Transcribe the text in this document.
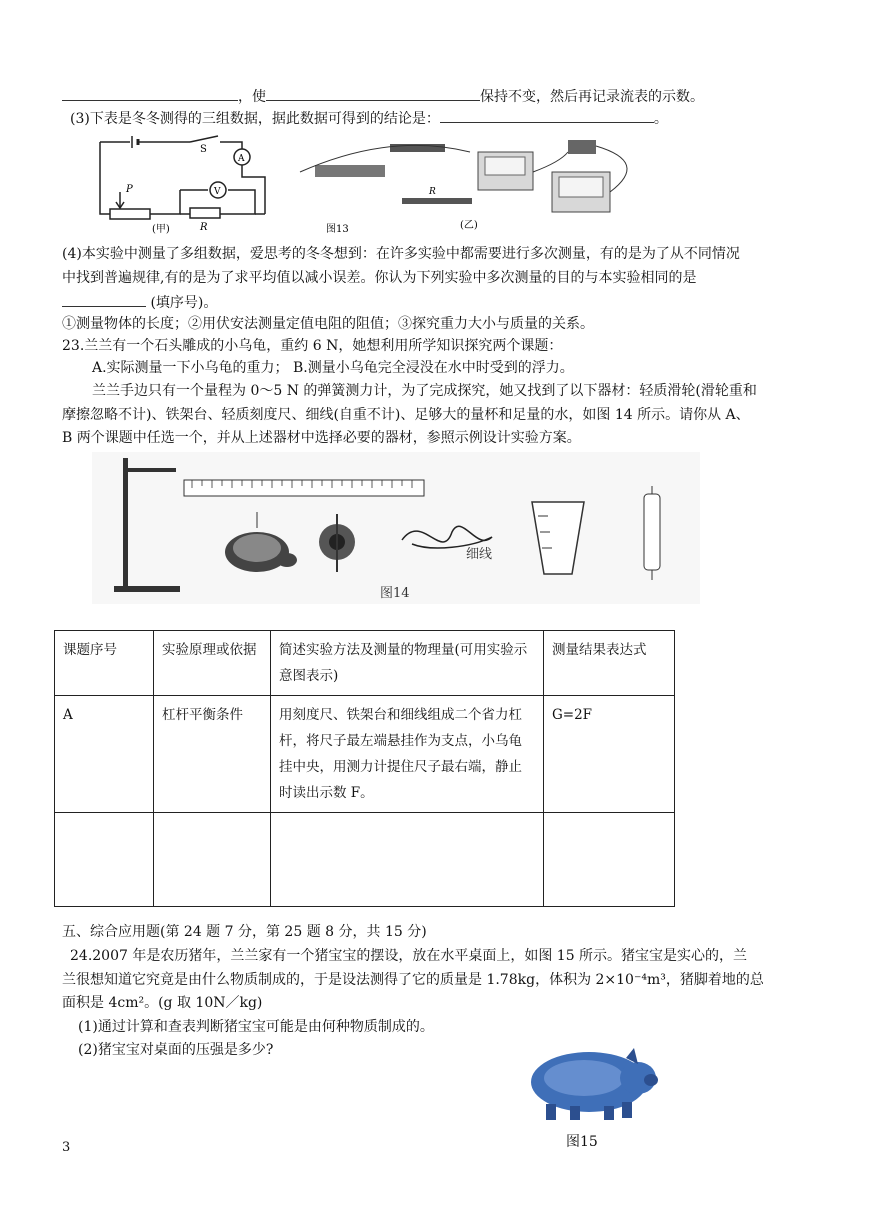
，使	保持不变，然后再记录流表的示数。
(3)下表是冬冬测得的三组数据，据此数据可得到的结论是：	。
S
A
V
P
R
(甲)
R
(乙)
图13
(4)本实验中测量了多组数据，爱思考的冬冬想到：在许多实验中都需要进行多次测量，有的是为了从不同情况
中找到普遍规律,有的是为了求平均值以减小误差。你认为下列实验中多次测量的目的与本实验相同的是
(填序号)。
①测量物体的长度；②用伏安法测量定值电阻的阻值；③探究重力大小与质量的关系。
23.兰兰有一个石头雕成的小乌龟，重约 6 N，她想利用所学知识探究两个课题：
A.实际测量一下小乌龟的重力； B.测量小乌龟完全浸没在水中时受到的浮力。
兰兰手边只有一个量程为 0～5 N 的弹簧测力计，为了完成探究，她又找到了以下器材：轻质滑轮(滑轮重和
摩擦忽略不计)、铁架台、轻质刻度尺、细线(自重不计)、足够大的量杯和足量的水，如图 14 所示。请你从 A、
B 两个课题中任选一个，并从上述器材中选择必要的器材，参照示例设计实验方案。
细线
图14
课题序号	实验原理或依据	简述实验方法及测量的物理量(可用实验示意图表示)	测量结果表达式
A	杠杆平衡条件	用刻度尺、铁架台和细线组成二个省力杠杆，将尺子最左端悬挂作为支点，小乌龟挂中央，用测力计提住尺子最右端，静止时读出示数 F。	G=2F

五、综合应用题(第 24 题 7 分，第 25 题 8 分，共 15 分)
24.2007 年是农历猪年，兰兰家有一个猪宝宝的摆设，放在水平桌面上，如图 15 所示。猪宝宝是实心的，兰
兰很想知道它究竟是由什么物质制成的，于是设法测得了它的质量是 1.78kg，体积为 2×10⁻⁴m³，猪脚着地的总
面积是 4cm²。(g 取 10N／kg)
(1)通过计算和查表判断猪宝宝可能是由何种物质制成的。
(2)猪宝宝对桌面的压强是多少?
图15
3
